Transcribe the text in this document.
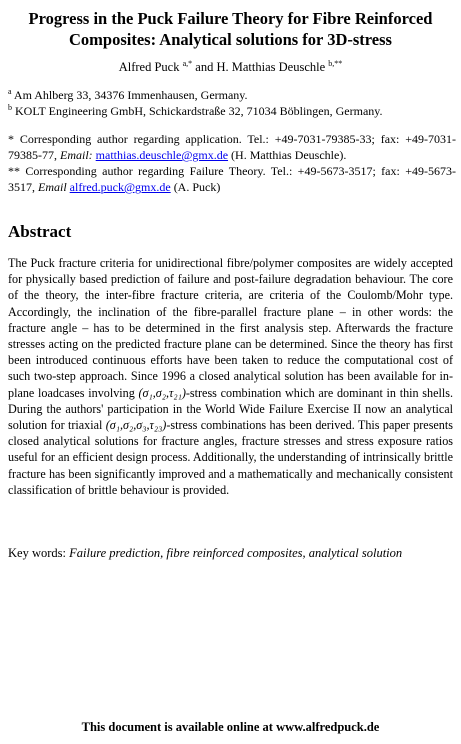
Progress in the Puck Failure Theory for Fibre Reinforced
Composites: Analytical solutions for 3D-stress
Alfred Puck $^{a,*}$ and H. Matthias Deuschle $^{b,**}$
$^a$ Am Ahlberg 33, 34376 Immenhausen, Germany.
$^b$ KOLT Engineering GmbH, Schickardstraße 32, 71034 Böblingen, Germany.
* Corresponding author regarding application. Tel.: +49-7031-79385-33; fax: +49-7031-79385-77, Email: matthias.deuschle@gmx.de (H. Matthias Deuschle).
** Corresponding author regarding Failure Theory. Tel.: +49-5673-3517; fax: +49-5673-3517, Email alfred.puck@gmx.de (A. Puck)
Abstract
The Puck fracture criteria for unidirectional fibre/polymer composites are widely accepted for physically based prediction of failure and post-failure degradation behaviour. The core of the theory, the inter-fibre fracture criteria, are criteria of the Coulomb/Mohr type. Accordingly, the inclination of the fibre-parallel fracture plane – in other words: the fracture angle – has to be determined in the first analysis step. Afterwards the fracture stresses acting on the predicted fracture plane can be determined. Since the theory has first been introduced continuous efforts have been taken to reduce the computational cost of such two-step approach. Since 1996 a closed analytical solution has been available for in-plane loadcases involving (σ₁,σ₂,τ₂₁)-stress combination which are dominant in thin shells. During the authors' participation in the World Wide Failure Exercise II now an analytical solution for triaxial (σ₁,σ₂,σ₃,τ₂₃)-stress combinations has been derived. This paper presents closed analytical solutions for fracture angles, fracture stresses and stress exposure ratios useful for an efficient design process. Additionally, the understanding of intrinsically brittle fracture has been significantly improved and a mathematically and mechanically consistent classification of brittle behaviour is provided.
Key words: Failure prediction, fibre reinforced composites, analytical solution
This document is available online at www.alfredpuck.de
